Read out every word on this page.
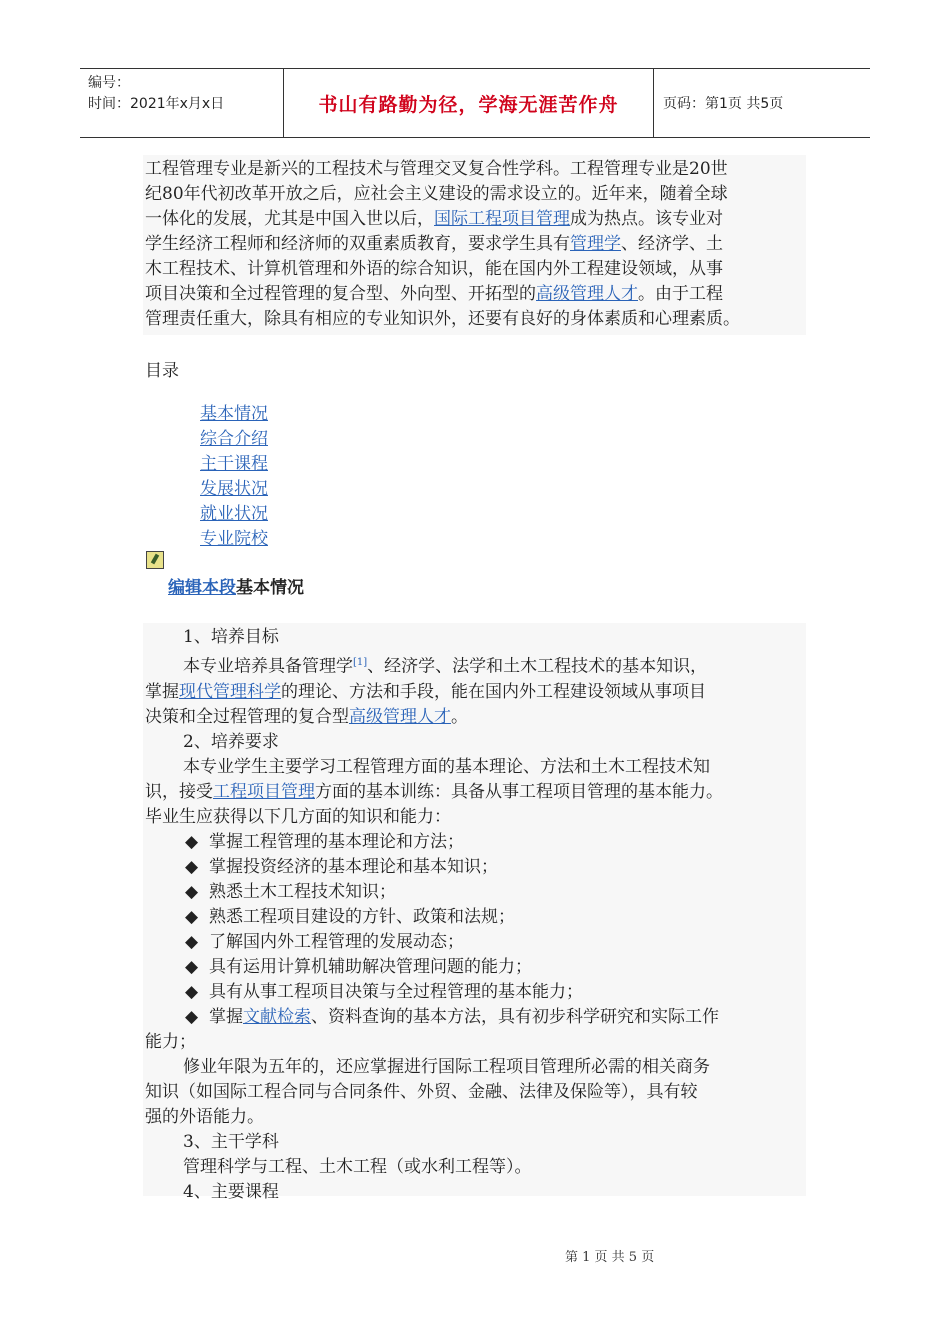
编号：
时间：2021年x月x日	书山有路勤为径，学海无涯苦作舟	页码：第1页 共5页
工程管理专业是新兴的工程技术与管理交叉复合性学科。工程管理专业是20世
纪80年代初改革开放之后，应社会主义建设的需求设立的。近年来，随着全球
一体化的发展，尤其是中国入世以后，国际工程项目管理成为热点。该专业对
学生经济工程师和经济师的双重素质教育，要求学生具有管理学、经济学、土
木工程技术、计算机管理和外语的综合知识，能在国内外工程建设领域，从事
项目决策和全过程管理的复合型、外向型、开拓型的高级管理人才。由于工程
管理责任重大，除具有相应的专业知识外，还要有良好的身体素质和心理素质。
目录
基本情况
综合介绍
主干课程
发展状况
就业状况
专业院校
编辑本段基本情况
1、培养目标
本专业培养具备管理学[1]、经济学、法学和土木工程技术的基本知识，
掌握现代管理科学的理论、方法和手段，能在国内外工程建设领域从事项目
决策和全过程管理的复合型高级管理人才。
2、培养要求
本专业学生主要学习工程管理方面的基本理论、方法和土木工程技术知
识，接受工程项目管理方面的基本训练：具备从事工程项目管理的基本能力。
毕业生应获得以下几方面的知识和能力：
◆ 掌握工程管理的基本理论和方法；
◆ 掌握投资经济的基本理论和基本知识；
◆ 熟悉土木工程技术知识；
◆ 熟悉工程项目建设的方针、政策和法规；
◆ 了解国内外工程管理的发展动态；
◆ 具有运用计算机辅助解决管理问题的能力；
◆ 具有从事工程项目决策与全过程管理的基本能力；
◆ 掌握文献检索、资料查询的基本方法，具有初步科学研究和实际工作
能力；
修业年限为五年的，还应掌握进行国际工程项目管理所必需的相关商务
知识（如国际工程合同与合同条件、外贸、金融、法律及保险等），具有较
强的外语能力。
3、主干学科
管理科学与工程、土木工程（或水利工程等）。
4、主要课程
第 1 页 共 5 页
